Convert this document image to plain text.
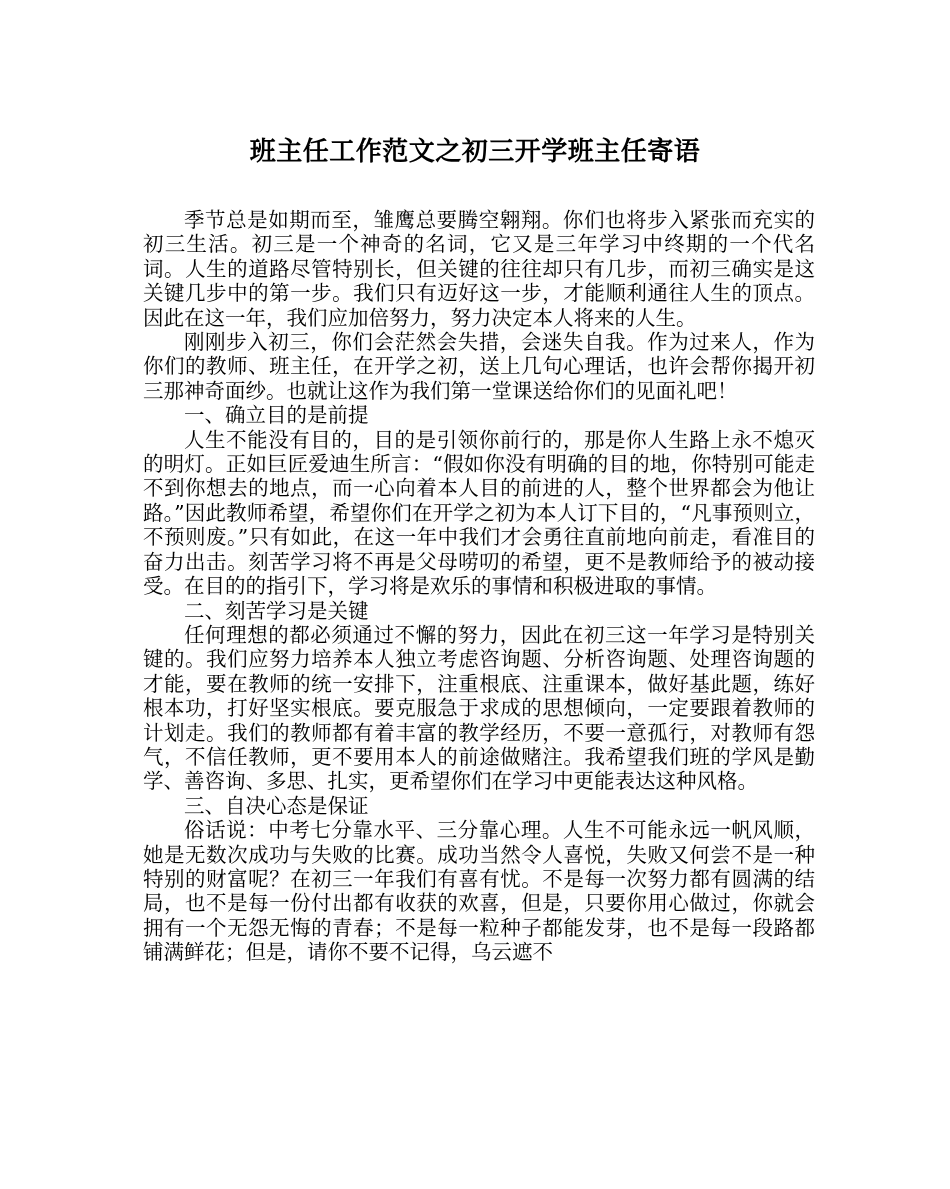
班主任工作范文之初三开学班主任寄语

季节总是如期而至，雏鹰总要腾空翱翔。你们也将步入紧张而充实的初三生活。初三是一个神奇的名词，它又是三年学习中终期的一个代名词。人生的道路尽管特别长，但关键的往往却只有几步，而初三确实是这关键几步中的第一步。我们只有迈好这一步，才能顺利通往人生的顶点。因此在这一年，我们应加倍努力，努力决定本人将来的人生。

刚刚步入初三，你们会茫然会失措，会迷失自我。作为过来人，作为你们的教师、班主任，在开学之初，送上几句心理话，也许会帮你揭开初三那神奇面纱。也就让这作为我们第一堂课送给你们的见面礼吧！

一、确立目的是前提

人生不能没有目的，目的是引领你前行的，那是你人生路上永不熄灭的明灯。正如巨匠爱迪生所言：“假如你没有明确的目的地，你特别可能走不到你想去的地点，而一心向着本人目的前进的人，整个世界都会为他让路。”因此教师希望，希望你们在开学之初为本人订下目的，“凡事预则立，不预则废。”只有如此，在这一年中我们才会勇往直前地向前走，看准目的奋力出击。刻苦学习将不再是父母唠叨的希望，更不是教师给予的被动接受。在目的的指引下，学习将是欢乐的事情和积极进取的事情。

二、刻苦学习是关键

任何理想的都必须通过不懈的努力，因此在初三这一年学习是特别关键的。我们应努力培养本人独立考虑咨询题、分析咨询题、处理咨询题的才能，要在教师的统一安排下，注重根底、注重课本，做好基此题，练好根本功，打好坚实根底。要克服急于求成的思想倾向，一定要跟着教师的计划走。我们的教师都有着丰富的教学经历，不要一意孤行，对教师有怨气，不信任教师，更不要用本人的前途做赌注。我希望我们班的学风是勤学、善咨询、多思、扎实，更希望你们在学习中更能表达这种风格。

三、自决心态是保证

俗话说：中考七分靠水平、三分靠心理。人生不可能永远一帆风顺，她是无数次成功与失败的比赛。成功当然令人喜悦，失败又何尝不是一种特别的财富呢？在初三一年我们有喜有忧。不是每一次努力都有圆满的结局，也不是每一份付出都有收获的欢喜，但是，只要你用心做过，你就会拥有一个无怨无悔的青春；不是每一粒种子都能发芽，也不是每一段路都铺满鲜花；但是，请你不要不记得，乌云遮不
